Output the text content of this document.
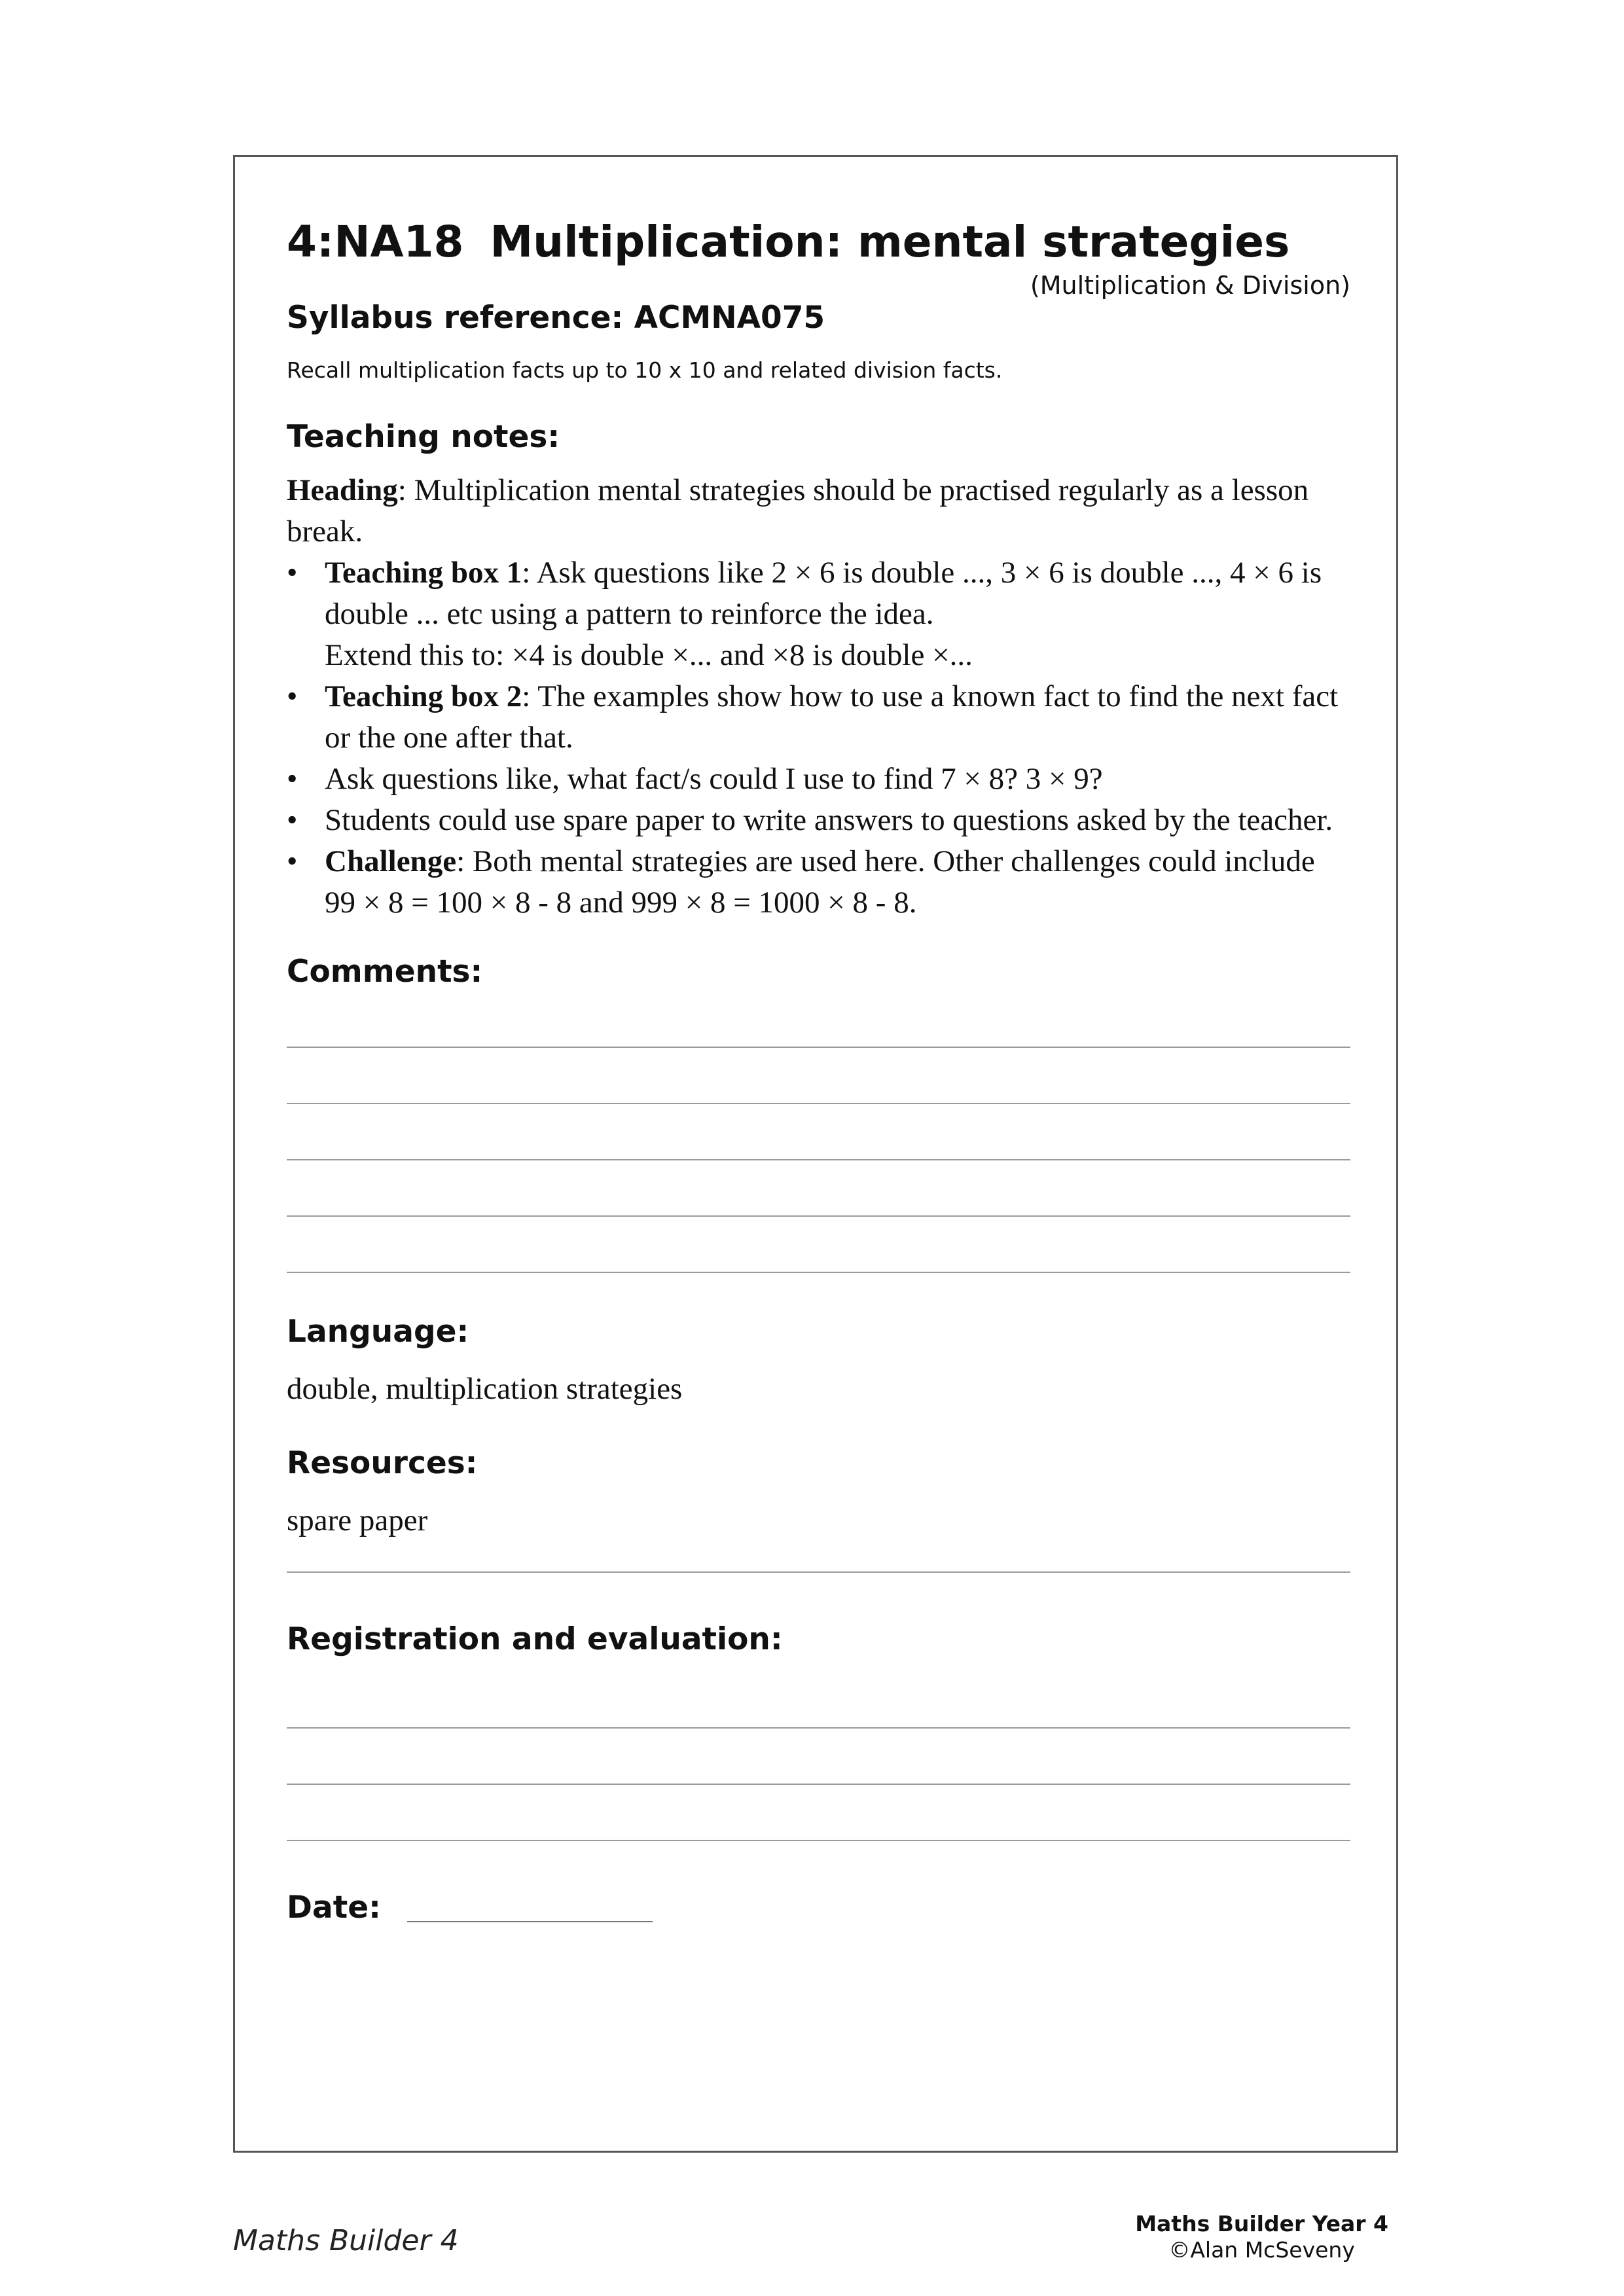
4:NA18 Multiplication: mental strategies
(Multiplication & Division)
Syllabus reference: ACMNA075
Recall multiplication facts up to 10 x 10 and related division facts.
Teaching notes:
Heading: Multiplication mental strategies should be practised regularly as a lesson break.
• Teaching box 1: Ask questions like 2 × 6 is double ..., 3 × 6 is double ..., 4 × 6 is double ... etc using a pattern to reinforce the idea.
Extend this to: ×4 is double ×... and ×8 is double ×...
• Teaching box 2: The examples show how to use a known fact to find the next fact or the one after that.
• Ask questions like, what fact/s could I use to find 7 × 8? 3 × 9?
• Students could use spare paper to write answers to questions asked by the teacher.
• Challenge: Both mental strategies are used here. Other challenges could include 99 × 8 = 100 × 8 - 8 and 999 × 8 = 1000 × 8 - 8.
Comments:
Language:
double, multiplication strategies
Resources:
spare paper
Registration and evaluation:
Date:
Maths Builder 4
Maths Builder Year 4
©Alan McSeveny
